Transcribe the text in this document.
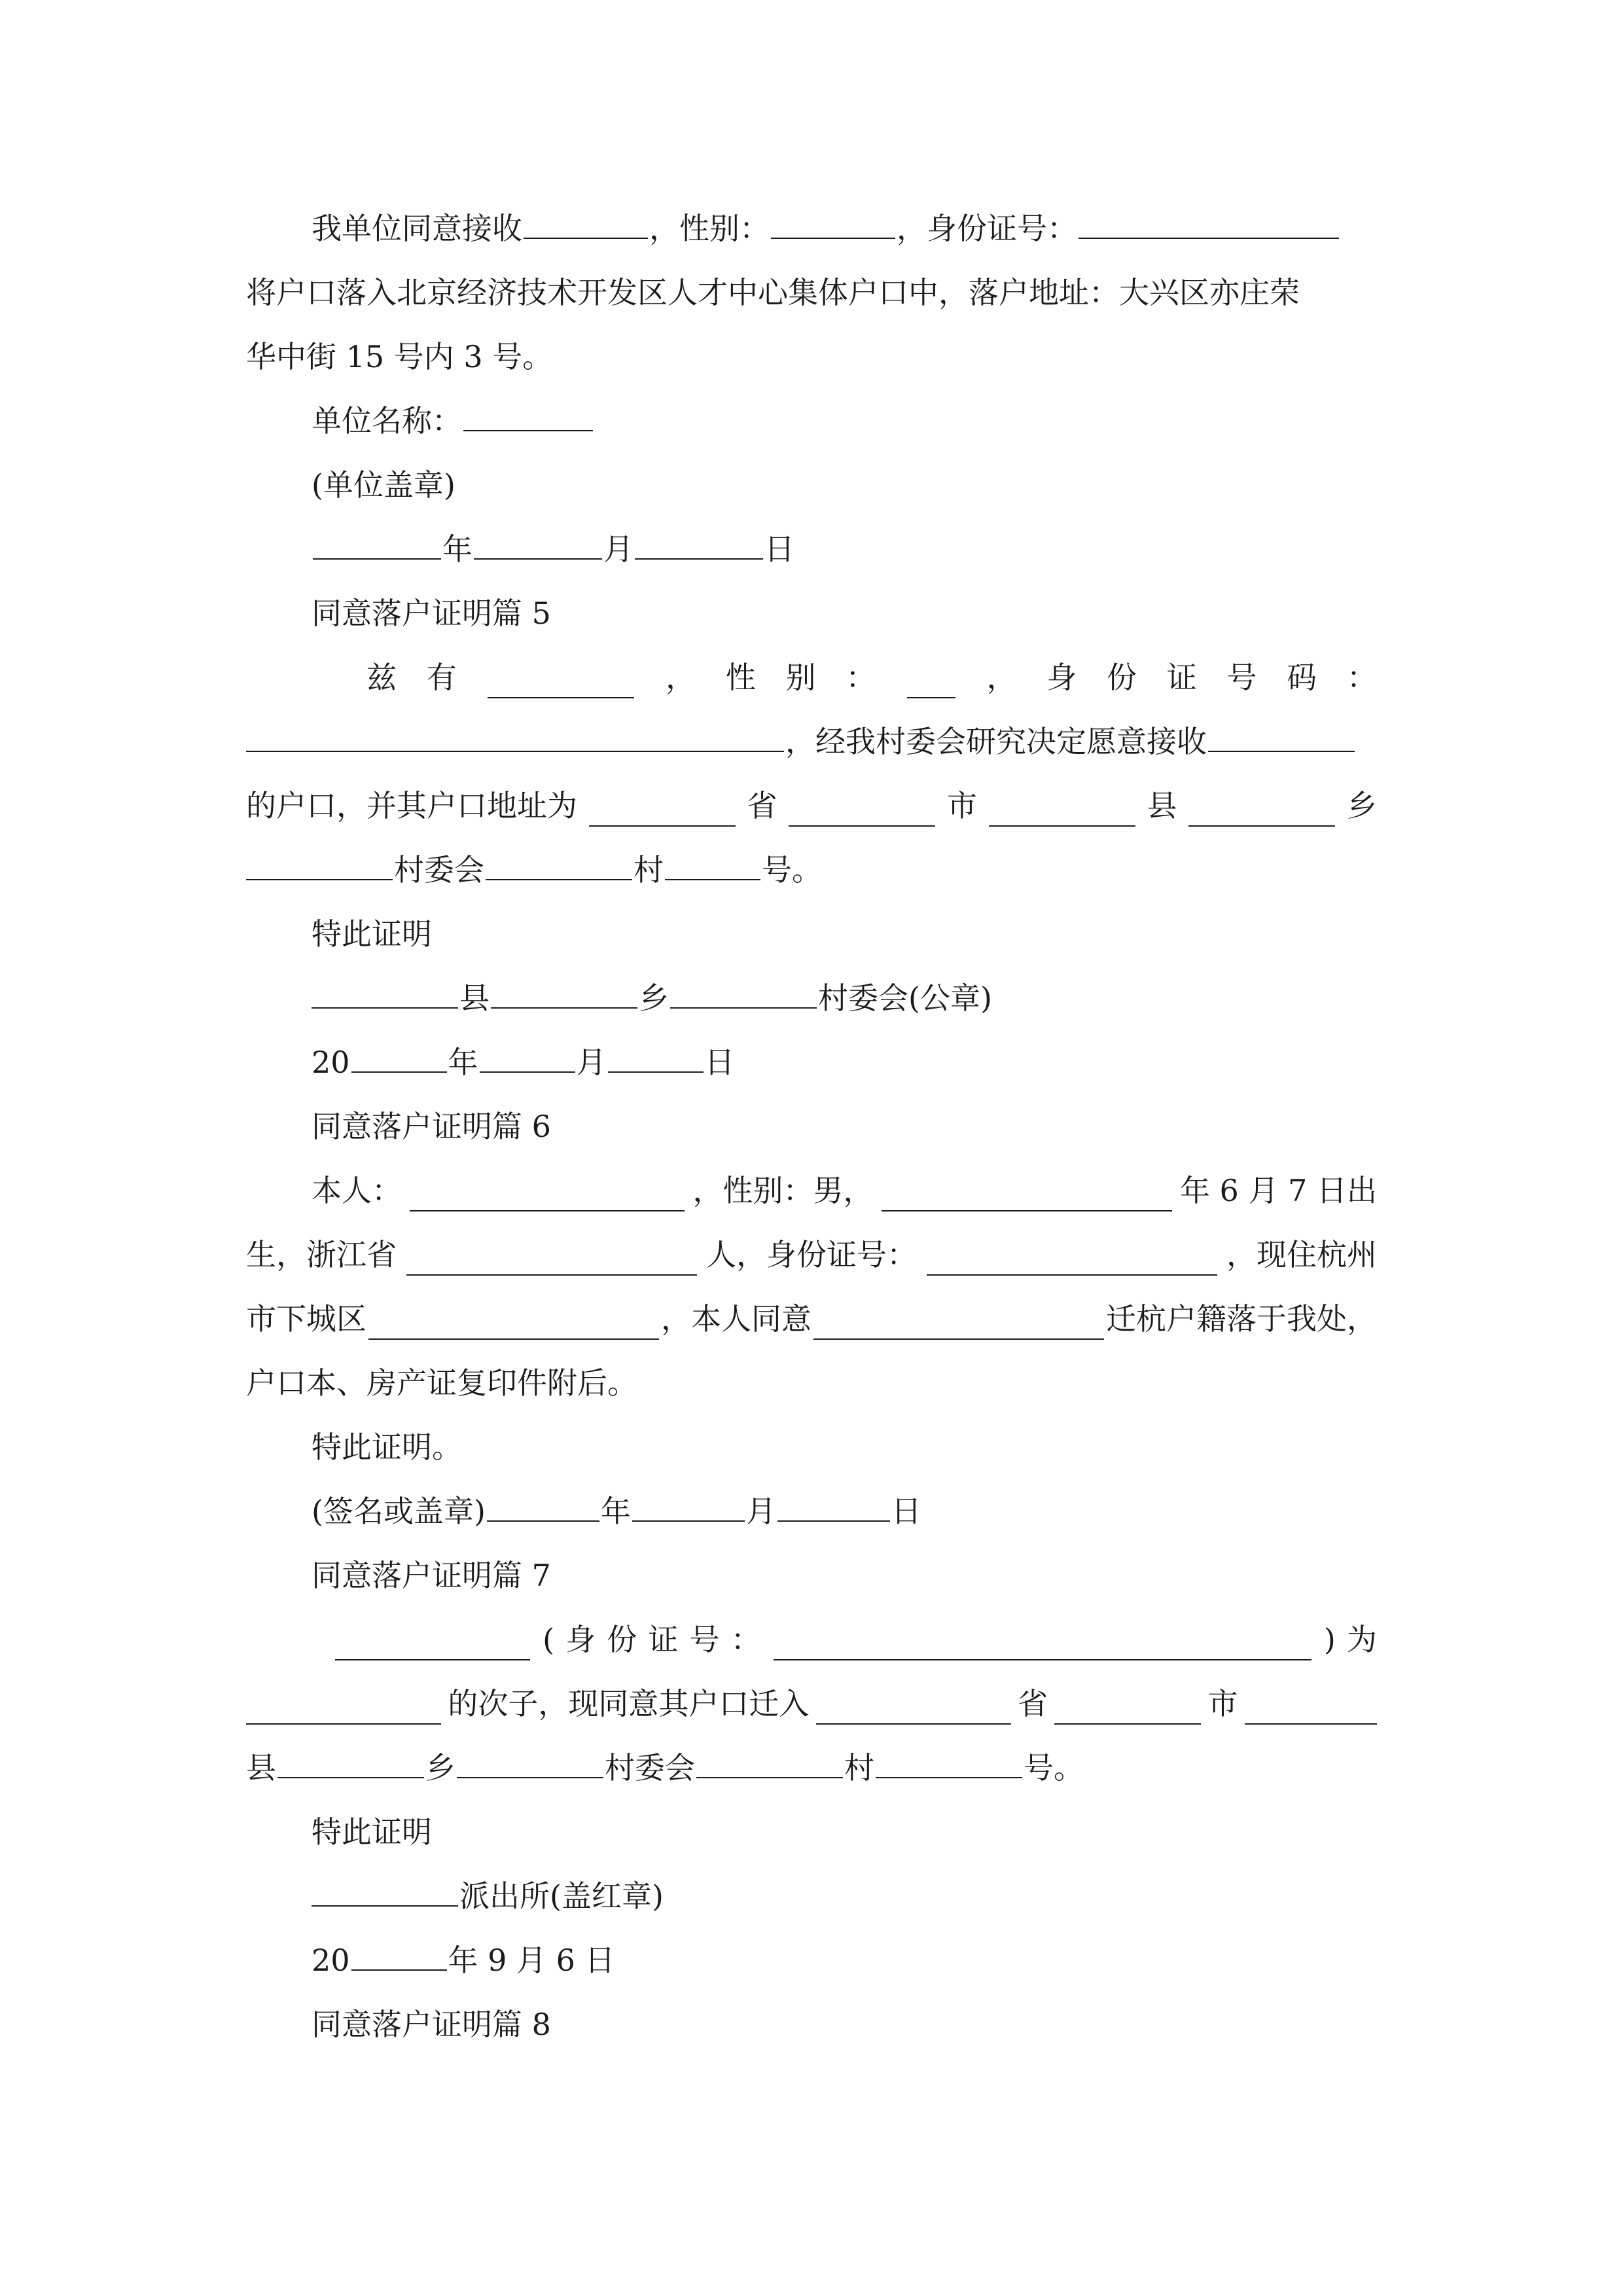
我单位同意接收	，性别：	，身份证号：
将户口落入北京经济技术开发区人才中心集体户口中，落户地址：大兴区亦庄荣
华中街 15 号内 3 号。
单位名称：
(单位盖章)
年	月	日
同意落户证明篇 5
兹 有	， 性 别 ：	， 身 份 证 号 码 ：
，经我村委会研究决定愿意接收
的户口，并其户口地址为	省	市	县	乡
村委会	村	号。
特此证明
县	乡	村委会(公章)
20	年	月	日
同意落户证明篇 6
本人：	，性别：男，	年 6 月 7 日出
生，浙江省	人，身份证号：	，现住杭州
市下城区	，本人同意	迁杭户籍落于我处，
户口本、房产证复印件附后。
特此证明。
(签名或盖章)	年	月	日
同意落户证明篇 7
( 身 份 证 号 ：	) 为
的次子，现同意其户口迁入	省	市
县	乡	村委会	村	号。
特此证明
派出所(盖红章)
20	年 9 月 6 日
同意落户证明篇 8
